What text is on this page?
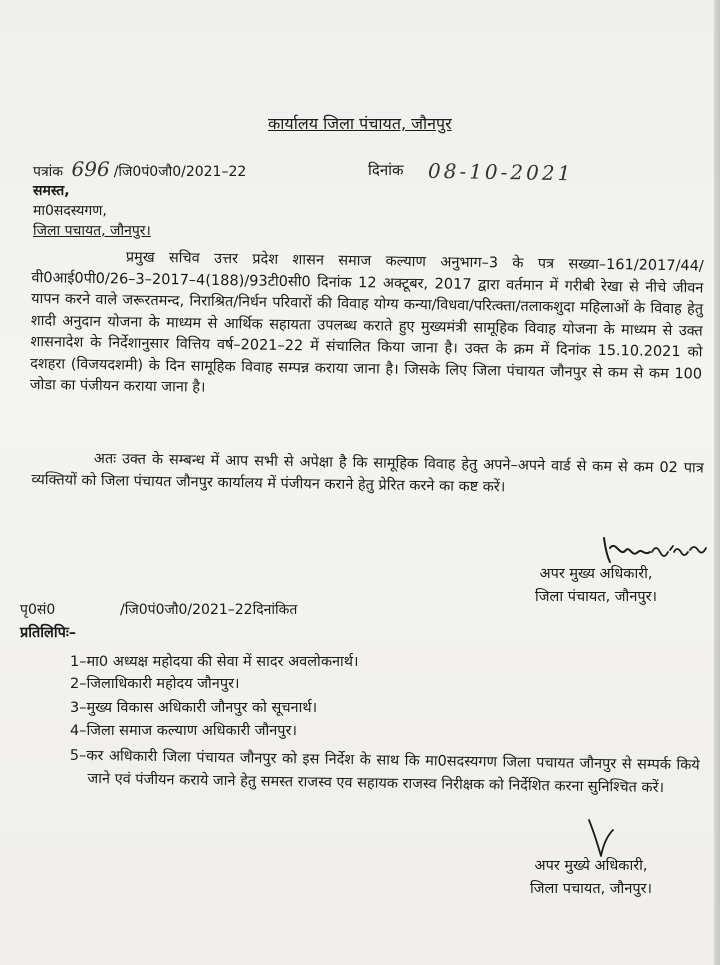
कार्यालय जिला पंचायत, जौनपुर
पत्रांक 696 /जि0पं0जौ0/2021–22	दिनांक 08-10-2021
समस्त,
मा0सदस्यगण,
जिला पचायत, जौनपुर।
प्रमुख सचिव उत्तर प्रदेश शासन समाज कल्याण अनुभाग–3 के पत्र सख्या–161/2017/44/वी0आई0पी0/26–3–2017–4(188)/93टी0सी0 दिनांक 12 अक्टूबर, 2017 द्वारा वर्तमान में गरीबी रेखा से नीचे जीवन यापन करने वाले जरूरतमन्द, निराश्रित/निर्धन परिवारों की विवाह योग्य कन्या/विधवा/परित्क्ता/तलाकशुदा महिलाओं के विवाह हेतु शादी अनुदान योजना के माध्यम से आर्थिक सहायता उपलब्ध कराते हुए मुख्यमंत्री सामूहिक विवाह योजना के माध्यम से उक्त शासनादेश के निर्देशानुसार वित्तिय वर्ष–2021–22 में संचालित किया जाना है। उक्त के क्रम में दिनांक 15.10.2021 को दशहरा (विजयदशमी) के दिन सामूहिक विवाह सम्पन्न कराया जाना है। जिसके लिए जिला पंचायत जौनपुर से कम से कम 100 जोडा का पंजीयन कराया जाना है।
अतः उक्त के सम्बन्ध में आप सभी से अपेक्षा है कि सामूहिक विवाह हेतु अपने–अपने वार्ड से कम से कम 02 पात्र व्यक्तियों को जिला पंचायत जौनपुर कार्यालय में पंजीयन कराने हेतु प्रेरित करने का कष्ट करें।
अपर मुख्य अधिकारी,
जिला पंचायत, जौनपुर।
पृ0सं0	/जि0पं0जौ0/2021–22दिनांकित
प्रतिलिपिः–
1–मा0 अध्यक्ष महोदया की सेवा में सादर अवलोकनार्थ।
2–जिलाधिकारी महोदय जौनपुर।
3–मुख्य विकास अधिकारी जौनपुर को सूचनार्थ।
4–जिला समाज कल्याण अधिकारी जौनपुर।
5–कर अधिकारी जिला पंचायत जौनपुर को इस निर्देश के साथ कि मा0सदस्यगण जिला पचायत जौनपुर से सम्पर्क किये जाने एवं पंजीयन कराये जाने हेतु समस्त राजस्व एव सहायक राजस्व निरीक्षक को निर्देशित करना सुनिश्चित करें।
अपर मुख्ये अधिकारी,
जिला पचायत, जौनपुर।
